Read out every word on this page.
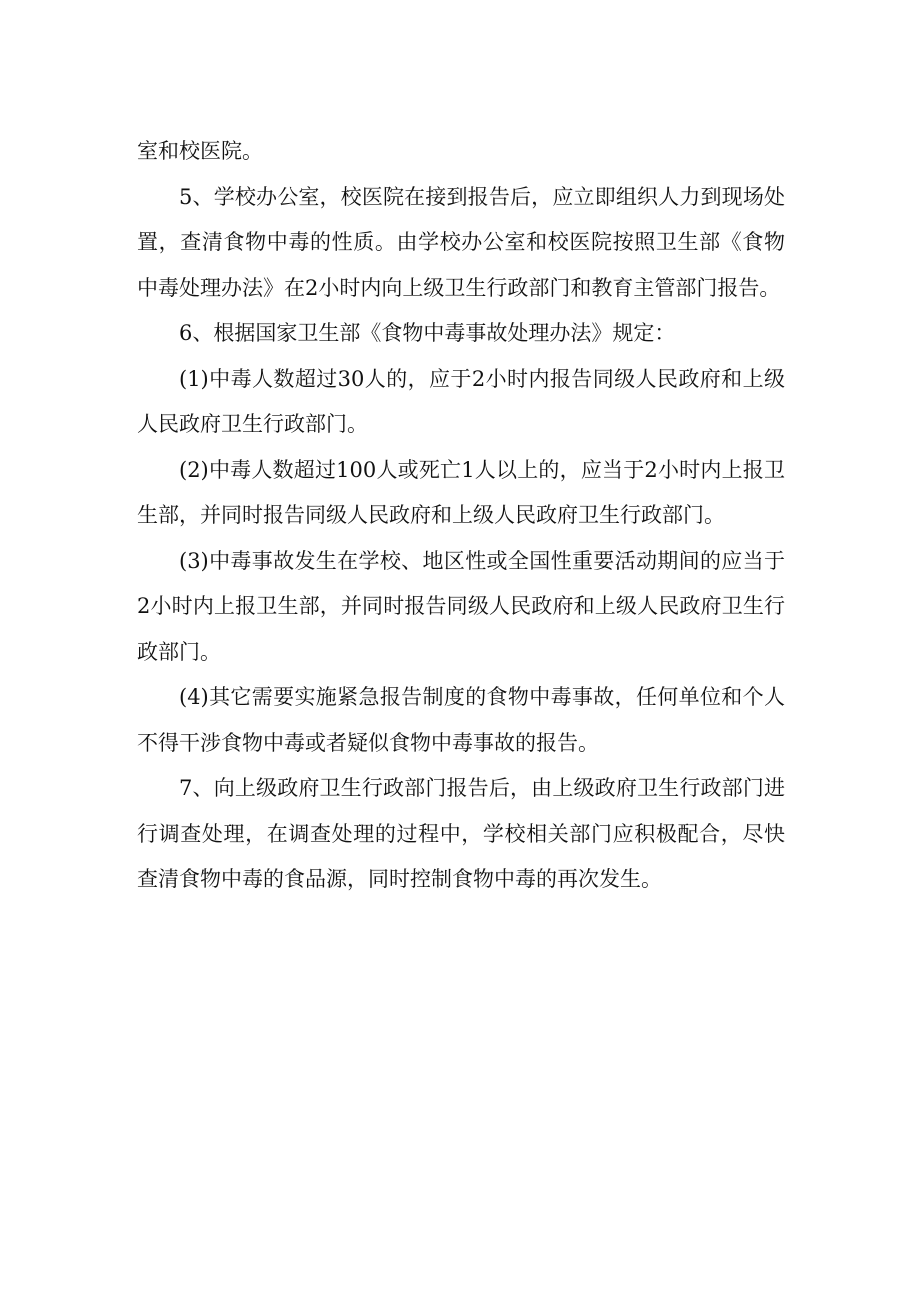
室和校医院。

5、学校办公室，校医院在接到报告后，应立即组织人力到现场处置，查清食物中毒的性质。由学校办公室和校医院按照卫生部《食物中毒处理办法》在2小时内向上级卫生行政部门和教育主管部门报告。

6、根据国家卫生部《食物中毒事故处理办法》规定：

(1)中毒人数超过30人的，应于2小时内报告同级人民政府和上级人民政府卫生行政部门。

(2)中毒人数超过100人或死亡1人以上的，应当于2小时内上报卫生部，并同时报告同级人民政府和上级人民政府卫生行政部门。

(3)中毒事故发生在学校、地区性或全国性重要活动期间的应当于2小时内上报卫生部，并同时报告同级人民政府和上级人民政府卫生行政部门。

(4)其它需要实施紧急报告制度的食物中毒事故，任何单位和个人不得干涉食物中毒或者疑似食物中毒事故的报告。

7、向上级政府卫生行政部门报告后，由上级政府卫生行政部门进行调查处理，在调查处理的过程中，学校相关部门应积极配合，尽快查清食物中毒的食品源，同时控制食物中毒的再次发生。
